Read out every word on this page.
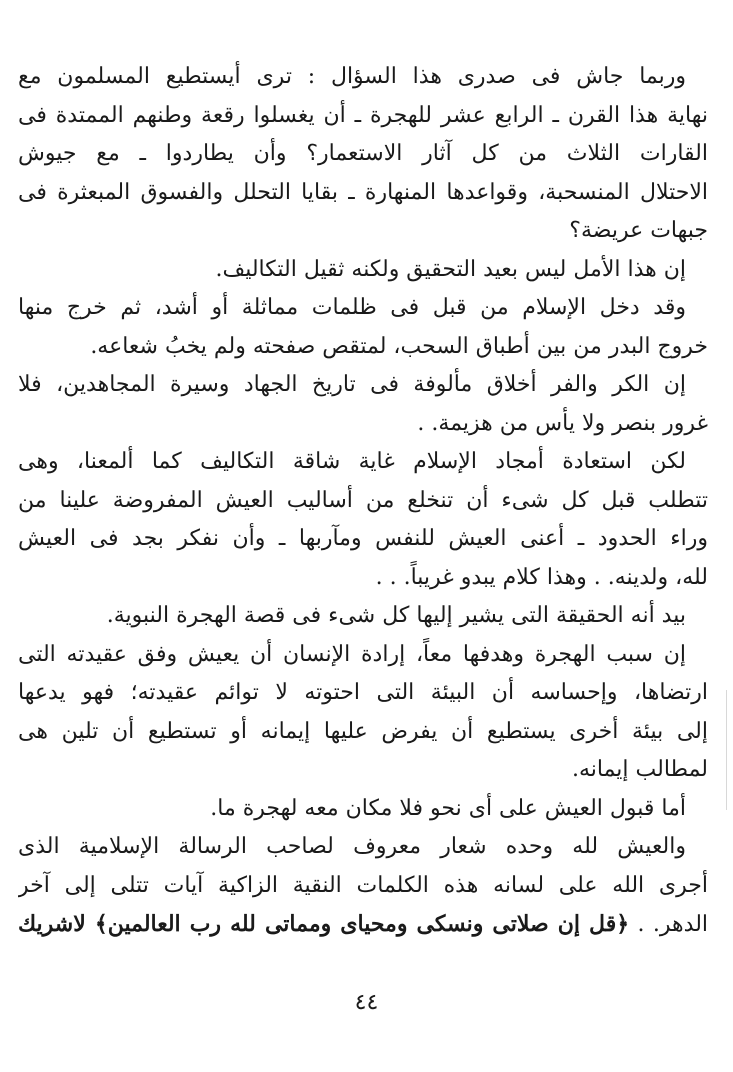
وربما جاش فى صدرى هذا السؤال : ترى أيستطيع المسلمون مع
نهاية هذا القرن ـ الرابع عشر للهجرة ـ أن يغسلوا رقعة وطنهم الممتدة فى
القارات الثلاث من كل آثار الاستعمار؟ وأن يطاردوا ـ مع جيوش
الاحتلال المنسحبة، وقواعدها المنهارة ـ بقايا التحلل والفسوق المبعثرة فى
جبهات عريضة؟
إن هذا الأمل ليس بعيد التحقيق ولكنه ثقيل التكاليف.
وقد دخل الإسلام من قبل فى ظلمات مماثلة أو أشد، ثم خرج منها
خروج البدر من بين أطباق السحب، لمتقص صفحته ولم يخبُ شعاعه.
إن الكر والفر أخلاق مألوفة فى تاريخ الجهاد وسيرة المجاهدين، فلا
غرور بنصر ولا يأس من هزيمة. .
لكن استعادة أمجاد الإسلام غاية شاقة التكاليف كما ألمعنا، وهى
تتطلب قبل كل شىء أن تنخلع من أساليب العيش المفروضة علينا من
وراء الحدود ـ أعنى العيش للنفس ومآربها ـ وأن نفكر بجد فى العيش
لله، ولدينه. . وهذا كلام يبدو غريباً. . .
بيد أنه الحقيقة التى يشير إليها كل شىء فى قصة الهجرة النبوية.
إن سبب الهجرة وهدفها معاً، إرادة الإنسان أن يعيش وفق عقيدته التى
ارتضاها، وإحساسه أن البيئة التى احتوته لا توائم عقيدته؛ فهو يدعها
إلى بيئة أخرى يستطيع أن يفرض عليها إيمانه أو تستطيع أن تلين هى
لمطالب إيمانه.
أما قبول العيش على أى نحو فلا مكان معه لهجرة ما.
والعيش لله وحده شعار معروف لصاحب الرسالة الإسلامية الذى
أجرى الله على لسانه هذه الكلمات النقية الزاكية آيات تتلى إلى آخر
الدهر. . ﴿قل إن صلاتى ونسكى ومحياى ومماتى لله رب العالمين﴾ لاشريك
٤٤
